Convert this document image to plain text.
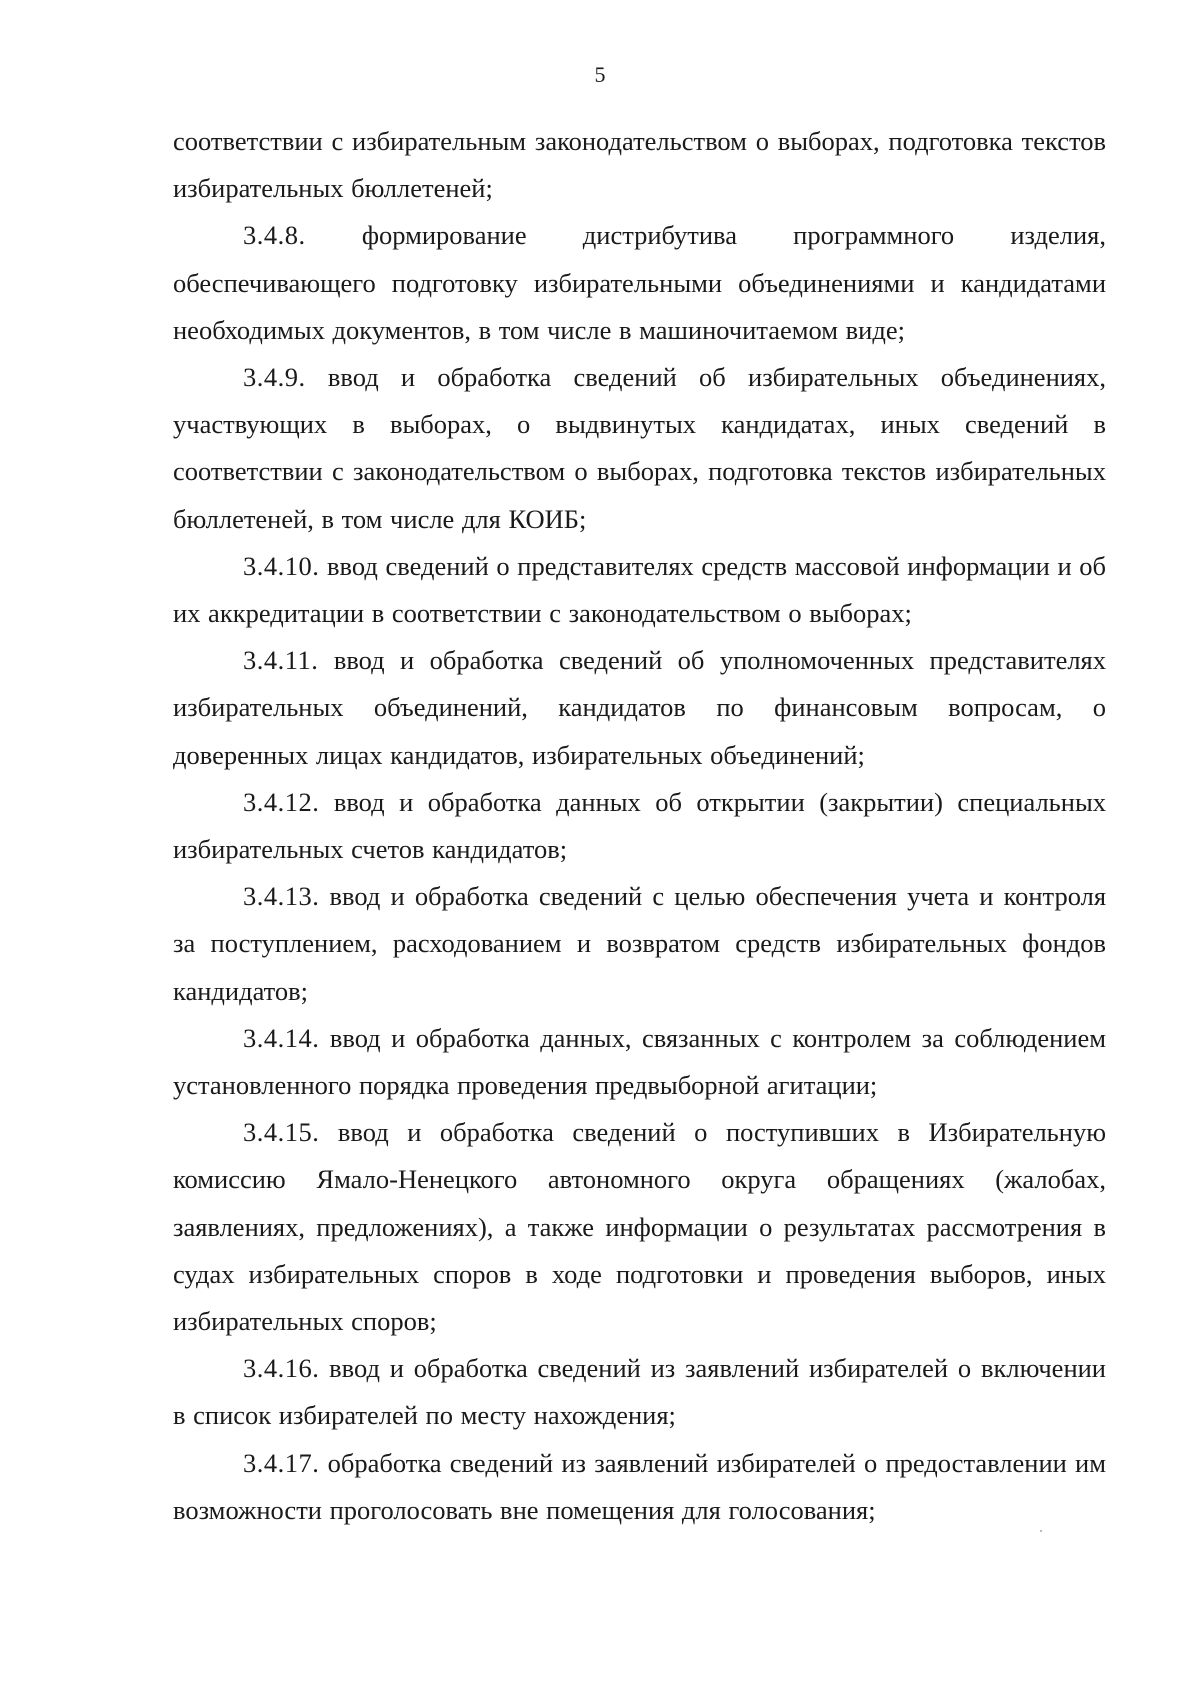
5

соответствии с избирательным законодательством о выборах, подготовка текстов избирательных бюллетеней;

3.4.8. формирование дистрибутива программного изделия, обеспечивающего подготовку избирательными объединениями и кандидатами необходимых документов, в том числе в машиночитаемом виде;

3.4.9. ввод и обработка сведений об избирательных объединениях, участвующих в выборах, о выдвинутых кандидатах, иных сведений в соответствии с законодательством о выборах, подготовка текстов избирательных бюллетеней, в том числе для КОИБ;

3.4.10. ввод сведений о представителях средств массовой информации и об их аккредитации в соответствии с законодательством о выборах;

3.4.11. ввод и обработка сведений об уполномоченных представителях избирательных объединений, кандидатов по финансовым вопросам, о доверенных лицах кандидатов, избирательных объединений;

3.4.12. ввод и обработка данных об открытии (закрытии) специальных избирательных счетов кандидатов;

3.4.13. ввод и обработка сведений с целью обеспечения учета и контроля за поступлением, расходованием и возвратом средств избирательных фондов кандидатов;

3.4.14. ввод и обработка данных, связанных с контролем за соблюдением установленного порядка проведения предвыборной агитации;

3.4.15. ввод и обработка сведений о поступивших в Избирательную комиссию Ямало-Ненецкого автономного округа обращениях (жалобах, заявлениях, предложениях), а также информации о результатах рассмотрения в судах избирательных споров в ходе подготовки и проведения выборов, иных избирательных споров;

3.4.16. ввод и обработка сведений из заявлений избирателей о включении в список избирателей по месту нахождения;

3.4.17. обработка сведений из заявлений избирателей о предоставлении им возможности проголосовать вне помещения для голосования;
